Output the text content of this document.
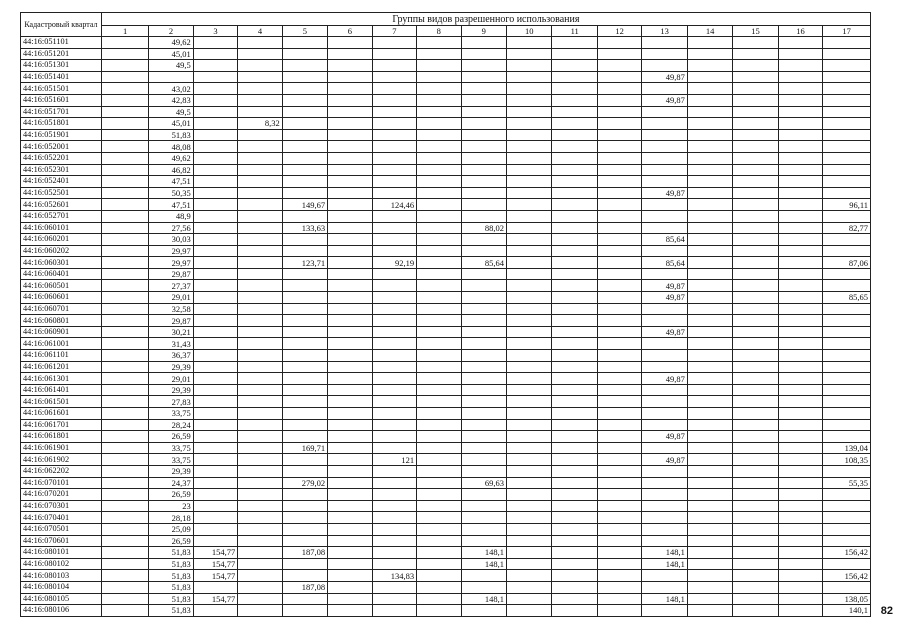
Кадастровый квартал	Группы видов разрешенного использования																
	1	2	3	4	5	6	7	8	9	10	11	12	13	14	15	16	17
44:16:051101		49,62															
44:16:051201		45,01															
44:16:051301		49,5															
44:16:051401													49,87				
44:16:051501		43,02															
44:16:051601		42,83											49,87				
44:16:051701		49,5															
44:16:051801		45,01		8,32													
44:16:051901		51,83															
44:16:052001		48,08															
44:16:052201		49,62															
44:16:052301		46,82															
44:16:052401		47,51															
44:16:052501		50,35											49,87				
44:16:052601		47,51			149,67		124,46										96,11
44:16:052701		48,9															
44:16:060101		27,56			133,63				88,02								82,77
44:16:060201		30,03											85,64				
44:16:060202		29,97															
44:16:060301		29,97			123,71		92,19		85,64				85,64				87,06
44:16:060401		29,87															
44:16:060501		27,37											49,87				
44:16:060601		29,01											49,87				85,65
44:16:060701		32,58															
44:16:060801		29,87															
44:16:060901		30,21											49,87				
44:16:061001		31,43															
44:16:061101		36,37															
44:16:061201		29,39															
44:16:061301		29,01											49,87				
44:16:061401		29,39															
44:16:061501		27,83															
44:16:061601		33,75															
44:16:061701		28,24															
44:16:061801		26,59											49,87				
44:16:061901		33,75			169,71												139,04
44:16:061902		33,75					121						49,87				108,35
44:16:062202		29,39															
44:16:070101		24,37			279,02				69,63								55,35
44:16:070201		26,59															
44:16:070301		23															
44:16:070401		28,18															
44:16:070501		25,09															
44:16:070601		26,59															
44:16:080101		51,83	154,77		187,08				148,1				148,1				156,42
44:16:080102		51,83	154,77						148,1				148,1				
44:16:080103		51,83	154,77				134,83										156,42
44:16:080104		51,83			187,08												
44:16:080105		51,83	154,77						148,1				148,1				138,05
44:16:080106		51,83															140,1 82
